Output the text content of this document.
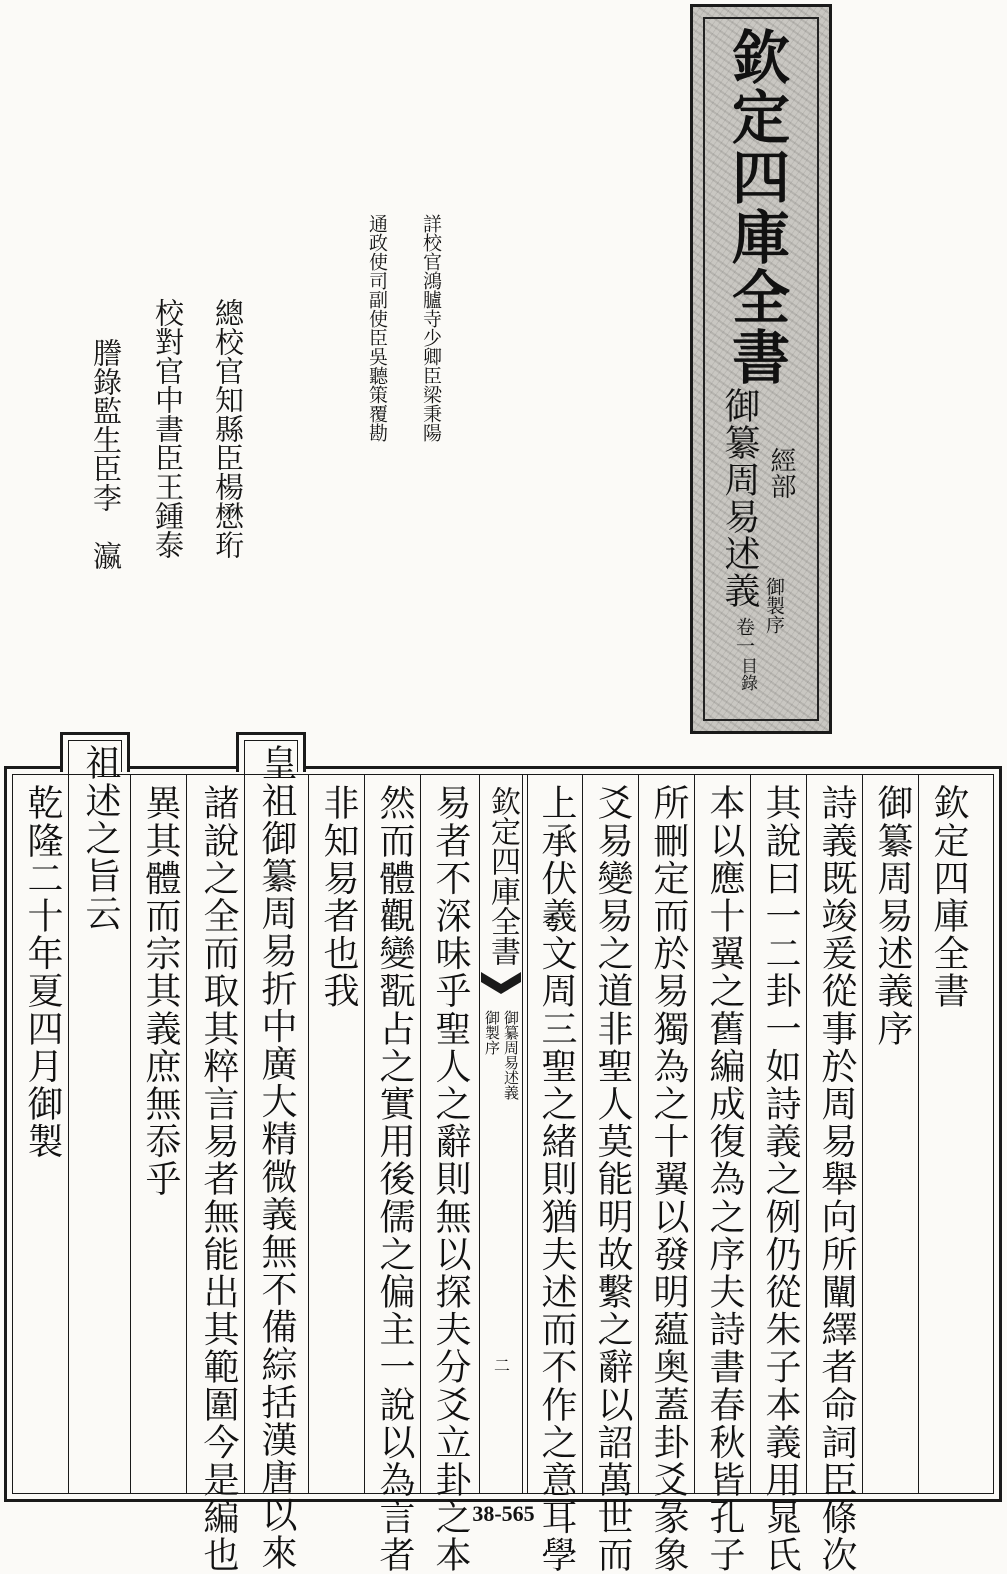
欽定四庫全書
御纂周易述義 經部
御製序
卷一
目錄
詳校官鴻臚寺少卿臣梁秉陽
通政使司副使臣吳聽策覆勘
總校官知縣臣楊懋珩
校對官中書臣王鍾泰
謄錄監生臣李　瀛
欽定四庫全書
御纂周易述義
御製序
二
欽定四庫全書
御纂周易述義序
詩義既竣爰從事於周易舉向所闡繹者命詞臣條次
其說曰一二卦一如詩義之例仍從朱子本義用晁氏
本以應十翼之舊編成復為之序夫詩書春秋皆孔子
所刪定而於易獨為之十翼以發明藴奥蓋卦爻彖象
爻易變易之道非聖人莫能明故繫之辭以詔萬世而
上承伏羲文周三聖之緒則猶夫述而不作之意耳學
易者不深味乎聖人之辭則無以探夫分爻立卦之本
然而體觀變翫占之實用後儒之偏主一說以為言者
非知易者也我
皇祖御纂周易折中廣大精微義無不備綜括漢唐以來
諸說之全而取其粹言易者無能出其範圍今是編也
異其體而宗其義庶無忝乎
祖述之旨云
乾隆二十年夏四月御製
38-565
